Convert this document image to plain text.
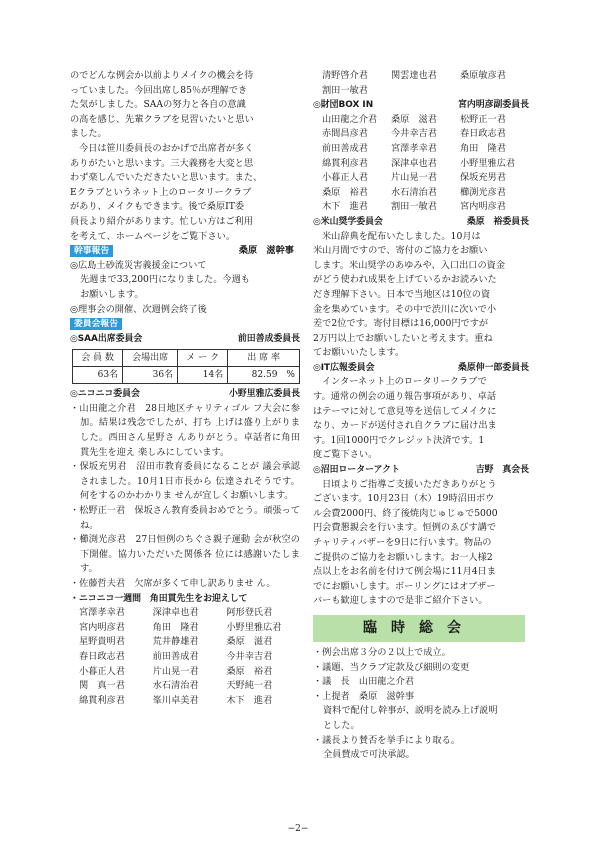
のでどんな例会か以前よりメイクの機会を待
っていました。今回出席し85％が理解でき
た気がしました。SAAの努力と各自の意識
の高を感じ、先輩クラブを見習いたいと思い
ました。

今日は笹川委員長のおかげで出席者が多く
ありがたいと思います。三大義務を大変と思
わず楽しんでいただきたいと思います。また、
Eクラブというネット上のロータリークラブ
があり、メイクもできます。後で桑原IT委
員長より紹介があります。忙しい方はご利用
を考えて、ホームページをご覧下さい。

幹事報告	桑原　滋幹事
◎広島土砂流災害義援金について
先週まで33,200円になりました。今週も
お願いします。
◎理事会の開催、次週例会終了後
委員会報告
◎SAA出席委員会	前田善成委員長
会 員 数	会場出席	メ ー ク	出 席 率
63名	36名	14名	82.59　%
◎ニコニコ委員会	小野里雅広委員長

・山田龍之介君　28日地区チャリティゴル フ大会に参加。結果は残念でしたが、打ち 上げは盛り上がりました。西田さん星野さ んありがとう。卓話者に角田貫先生を迎え 楽しみにしています。

・保坂充男君　沼田市教育委員になることが 議会承認されました。10月1日市長から 伝達されそうです。何をするのかわかりま せんが宜しくお願いします。

・松野正一君　保坂さん教育委員おめでとう。頑張ってね。

・櫛渕光彦君　27日恒例のちぐさ親子運動 会が秋空の下開催。協力いただいた関係各 位には感謝いたします。

・佐藤哲夫君　欠席が多くて申し訳ありませ ん。

・ニコニコ一週間　角田貫先生をお迎えして
宮澤孝幸君	深津卓也君	阿形登氏君
宮内明彦君	角田　隆君	小野里雅広君
星野貴明君	荒井静雄君	桑原　滋君
春日政志君	前田善成君	今井幸吉君
小暮正人君	片山晃一君	桑原　裕君
関　真一君	水石清治君	天野純一君
綿貫利彦君	峯川卓美君	木下　進君
清野啓介君	関雲達也君	桑原敏彦君
割田一敏君
◎財団BOX IN	宮内明彦副委員長
山田龍之介君	桑原　滋君	松野正一君
赤間昌彦君	今井幸吉君	春日政志君
前田善成君	宮澤孝幸君	角田　隆君
綿貫利彦君	深津卓也君	小野里雅広君
小暮正人君	片山晃一君	保坂充男君
桑原　裕君	水石清治君	櫛渕光彦君
木下　進君	割田一敏君	宮内明彦君
◎米山奨学委員会	桑原　裕委員長

米山辞典を配布いたしました。10月は
米山月間ですので、寄付のご協力をお願い
します。米山奨学のあゆみや、入口出口の資金
がどう使われ成果を上げているかお読みいた
だき理解下さい。日本で当地区は10位の資
金を集めています。その中で渋川に次いで小
差で2位です。寄付目標は16,000円ですが
2万円以上でお願いしたいと考えます。重ね
てお願いいたします。

◎IT広報委員会	桑原伸一郎委員長

インターネット上のロータリークラブで
す。通常の例会の通り報告事項があり、卓話
はテーマに対して意見等を送信してメイクに
なり、カードが送付され自クラブに届け出ま
す。1回1000円でクレジット決済です。1
度ご覧下さい。

◎沼田ローターアクト	吉野　真会長

日頃よりご指導ご支援いただきありがとう
ございます。10月23日（木）19時沼田ボウ
ル会費2000円、終了後焼肉じゅじゅで5000
円会費懇親会を行います。恒例のゑびす講で
チャリティバザーを9日に行います。物品の
ご提供のご協力をお願いします。お一人様2
点以上をお名前を付けて例会場に11月4日ま
でにお願いします。ボーリングにはオブザー
バーも歓迎しますので是非ご紹介下さい。

臨時総会
・例会出席３分の２以上で成立。
・議題、当クラブ定款及び細則の変更
・議　長　山田龍之介君
・上提者　桑原　滋幹事
資料で配付し幹事が、説明を読み上げ説明
とした。
・議長より賛否を挙手により取る。
全員賛成で可決承認。
−2−
